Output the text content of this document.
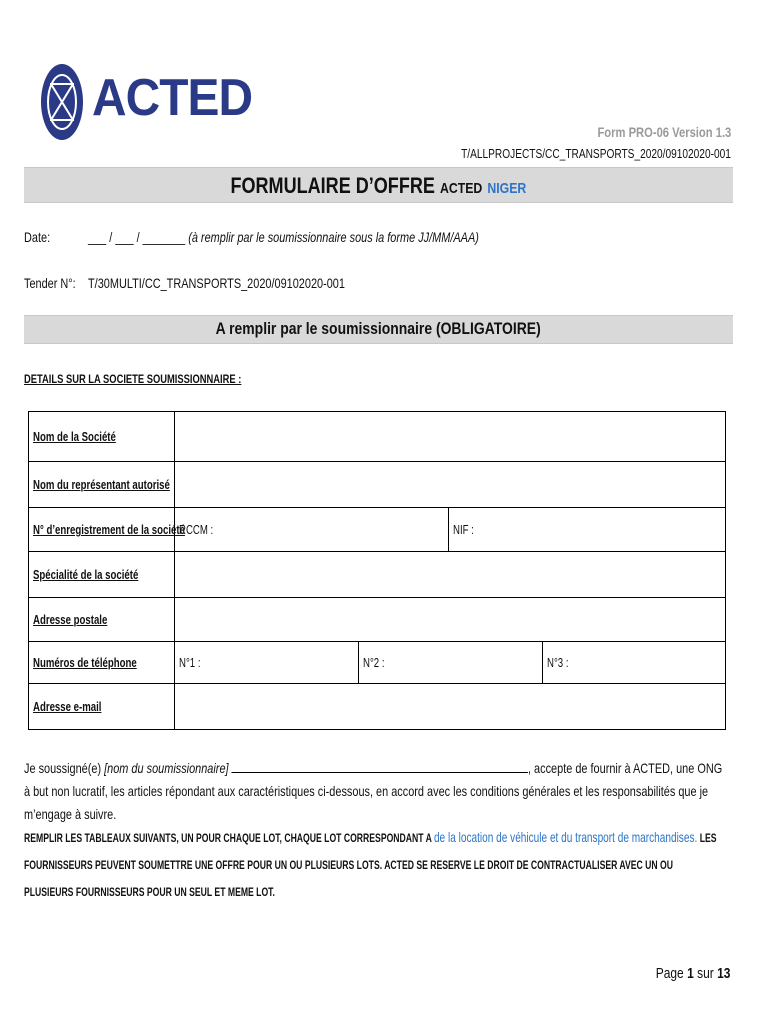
ACTED
Form PRO-06 Version 1.3
T/ALLPROJECTS/CC_TRANSPORTS_2020/09102020-001
FORMULAIRE D’OFFRE ACTED NIGER
Date:	___ / ___ / _______ (à remplir par le soumissionnaire sous la forme JJ/MM/AAA)
Tender N°: T/30MULTI/CC_TRANSPORTS_2020/09102020-001
A remplir par le soumissionnaire (OBLIGATOIRE)
DETAILS SUR LA SOCIETE SOUMISSIONNAIRE :
Nom de la Société				
Nom du représentant autorisé				
N° d’enregistrement de la société	RCCM :		NIF :	
Spécialité de la société				
Adresse postale				
Numéros de téléphone	N°1 :	N°2 :		N°3 :
Adresse e-mail				
Je soussigné(e) [nom du soumissionnaire]	, accepte de fournir à ACTED, une ONG à but non lucratif, les articles répondant aux caractéristiques ci-dessous, en accord avec les conditions générales et les responsabilités que je m’engage à suivre.
REMPLIR LES TABLEAUX SUIVANTS, UN POUR CHAQUE LOT, CHAQUE LOT CORRESPONDANT A de la location de véhicule et du transport de marchandises. LES FOURNISSEURS PEUVENT SOUMETTRE UNE OFFRE POUR UN OU PLUSIEURS LOTS. ACTED SE RESERVE LE DROIT DE CONTRACTUALISER AVEC UN OU PLUSIEURS FOURNISSEURS POUR UN SEUL ET MEME LOT.
Page 1 sur 13
